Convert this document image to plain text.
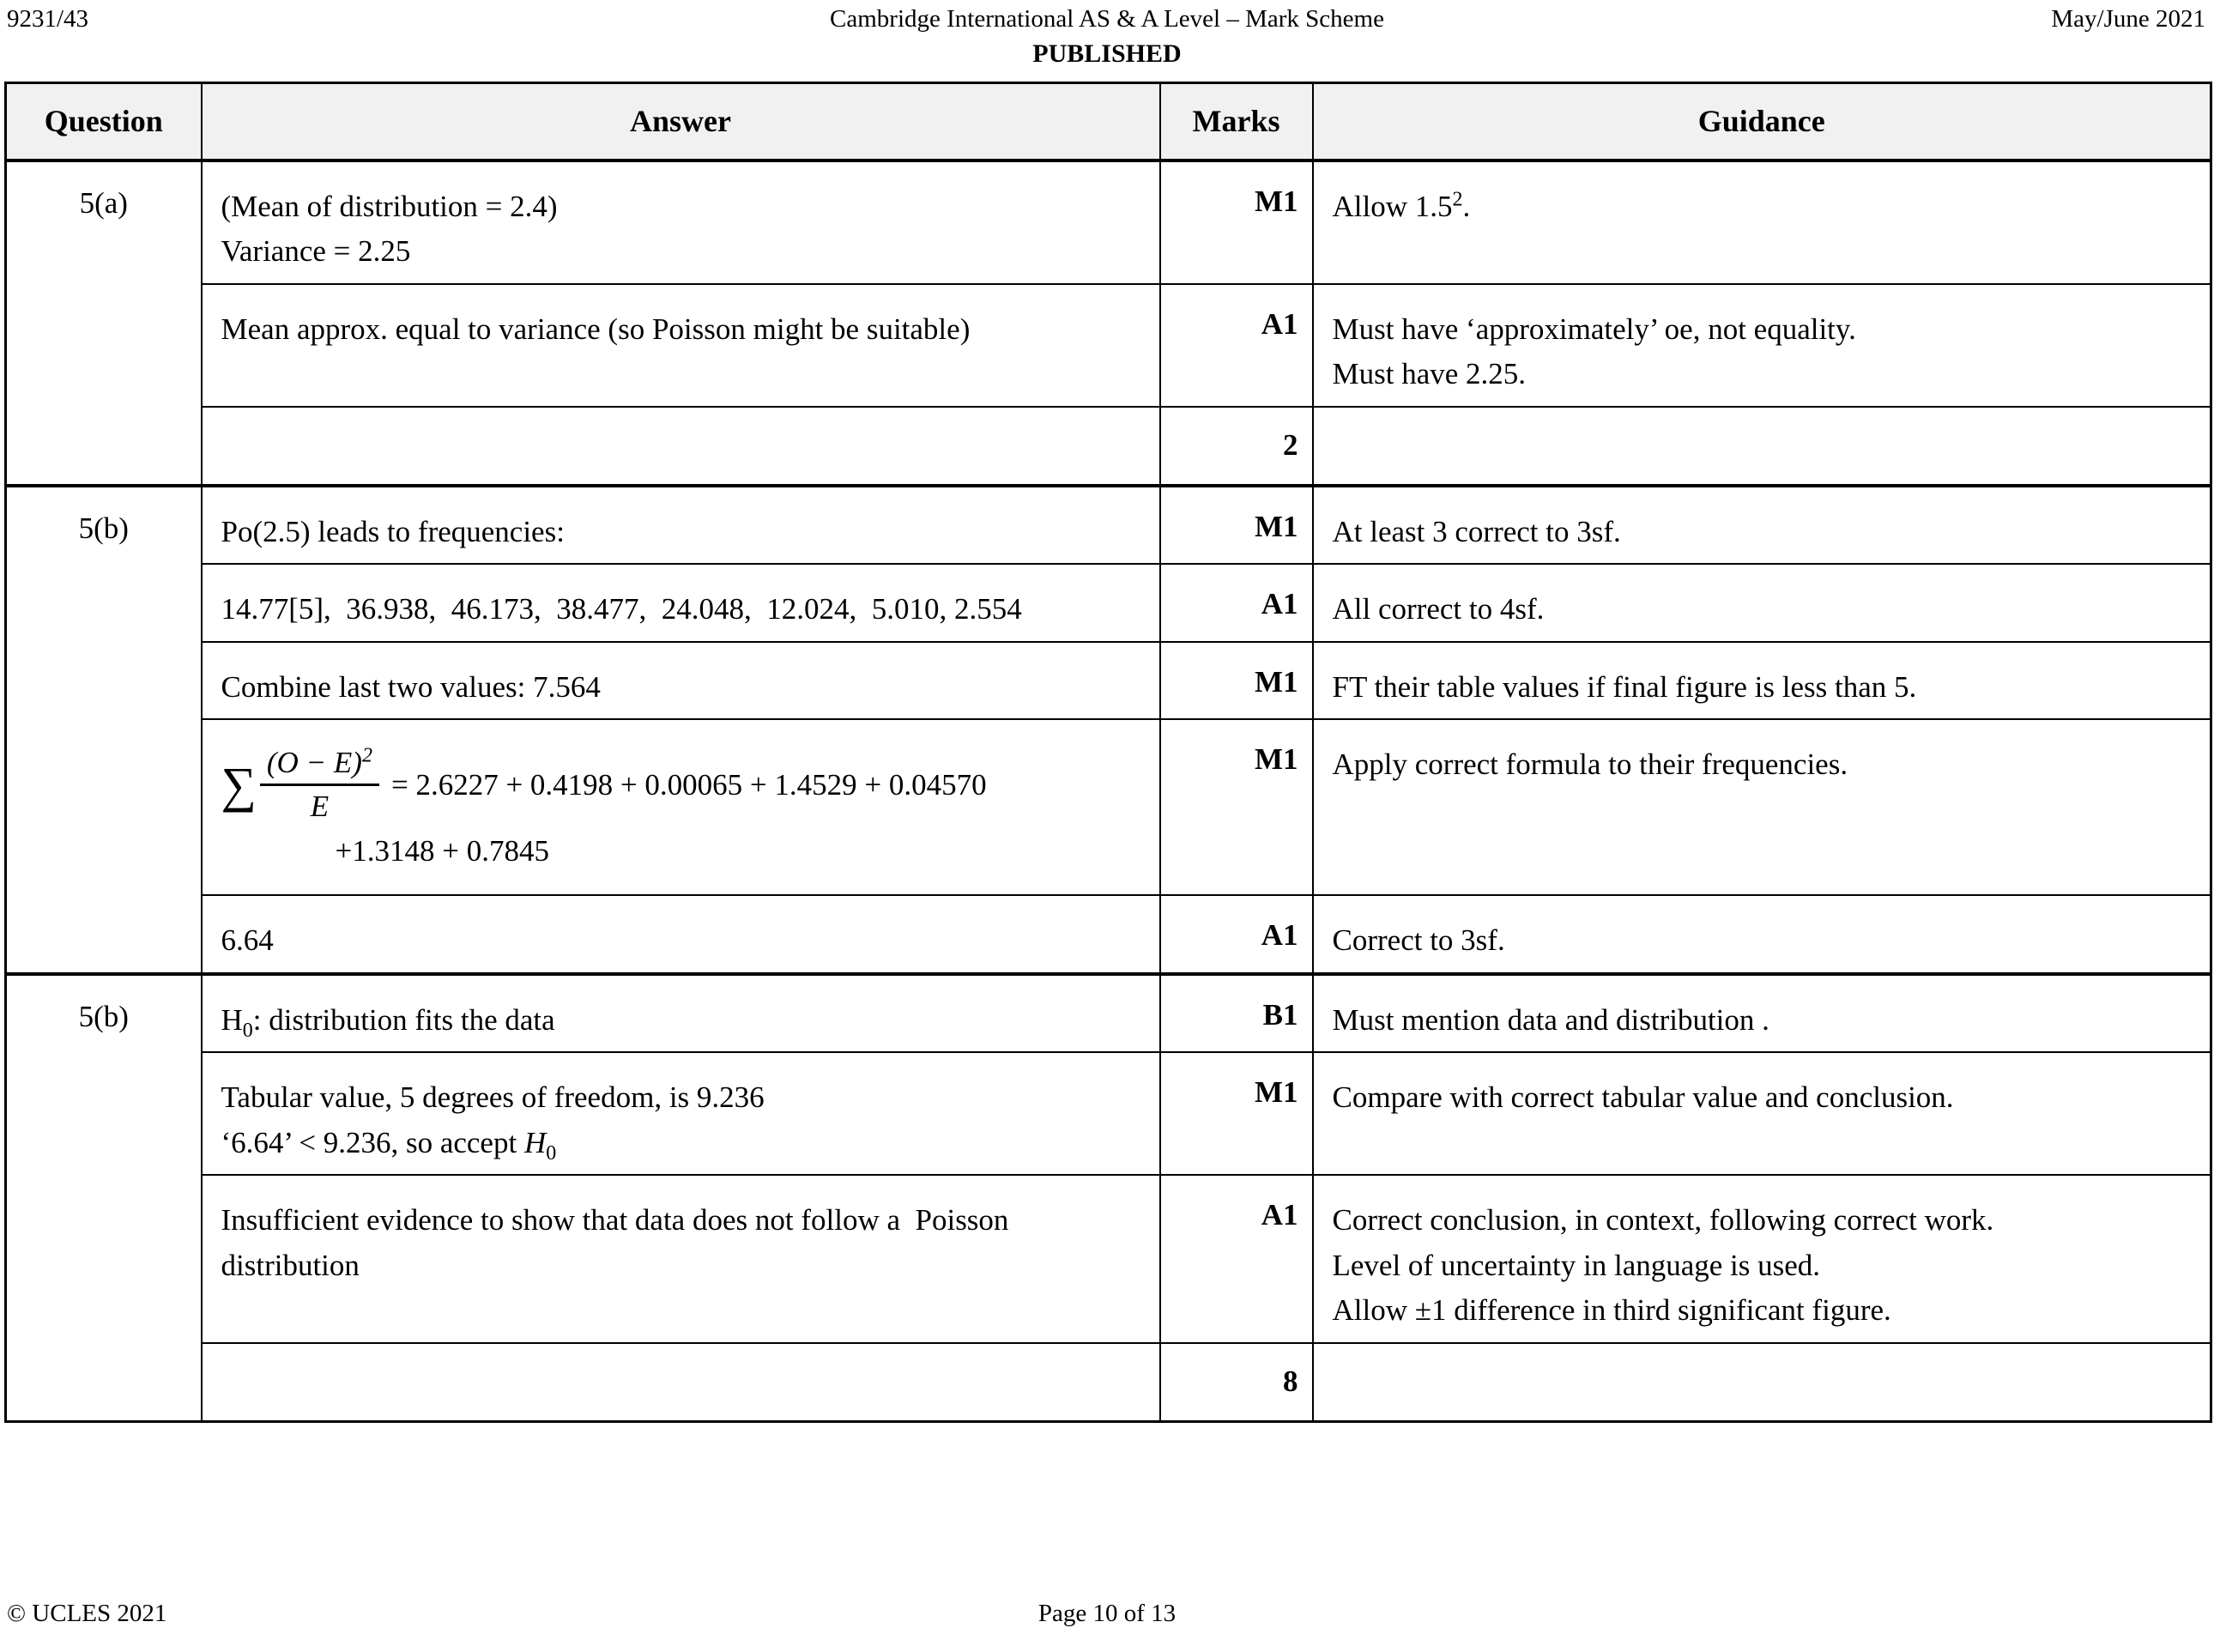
9231/43	Cambridge International AS & A Level – Mark Scheme	May/June 2021
PUBLISHED
Question	Answer	Marks	Guidance
5(a)	(Mean of distribution = 2.4)
Variance = 2.25	M1	Allow $1.5^2$.

	Mean approx. equal to variance (so Poisson might be suitable)	A1	Must have ‘approximately’ oe, not equality.
Must have 2.25.

		2	
5(b)	Po(2.5) leads to frequencies:	M1	At least 3 correct to 3sf.

	14.77[5],  36.938,  46.173,  38.477,  24.048,  12.024,  5.010, 2.554	A1	All correct to 4sf.

	Combine last two values: 7.564	M1	FT their table values if final figure is less than 5.

	∑ $\frac{(O - E)^2}{E} = 2.6227 + 0.4198 + 0.00065 + 1.4529 + 0.04570$
+1.3148 + 0.7845	M1	Apply correct formula to their frequencies.

	6.64	A1	Correct to 3sf.

5(b)	$H_0$: distribution fits the data	B1	Must mention data and distribution .

	Tabular value, 5 degrees of freedom, is 9.236
‘6.64’ < 9.236, so accept $H_0$	M1	Compare with correct tabular value and conclusion.

	Insufficient evidence to show that data does not follow a  Poisson
distribution	A1	Correct conclusion, in context, following correct work.
Level of uncertainty in language is used.
Allow ±1 difference in third significant figure.

		8	
© UCLES 2021	Page 10 of 13
